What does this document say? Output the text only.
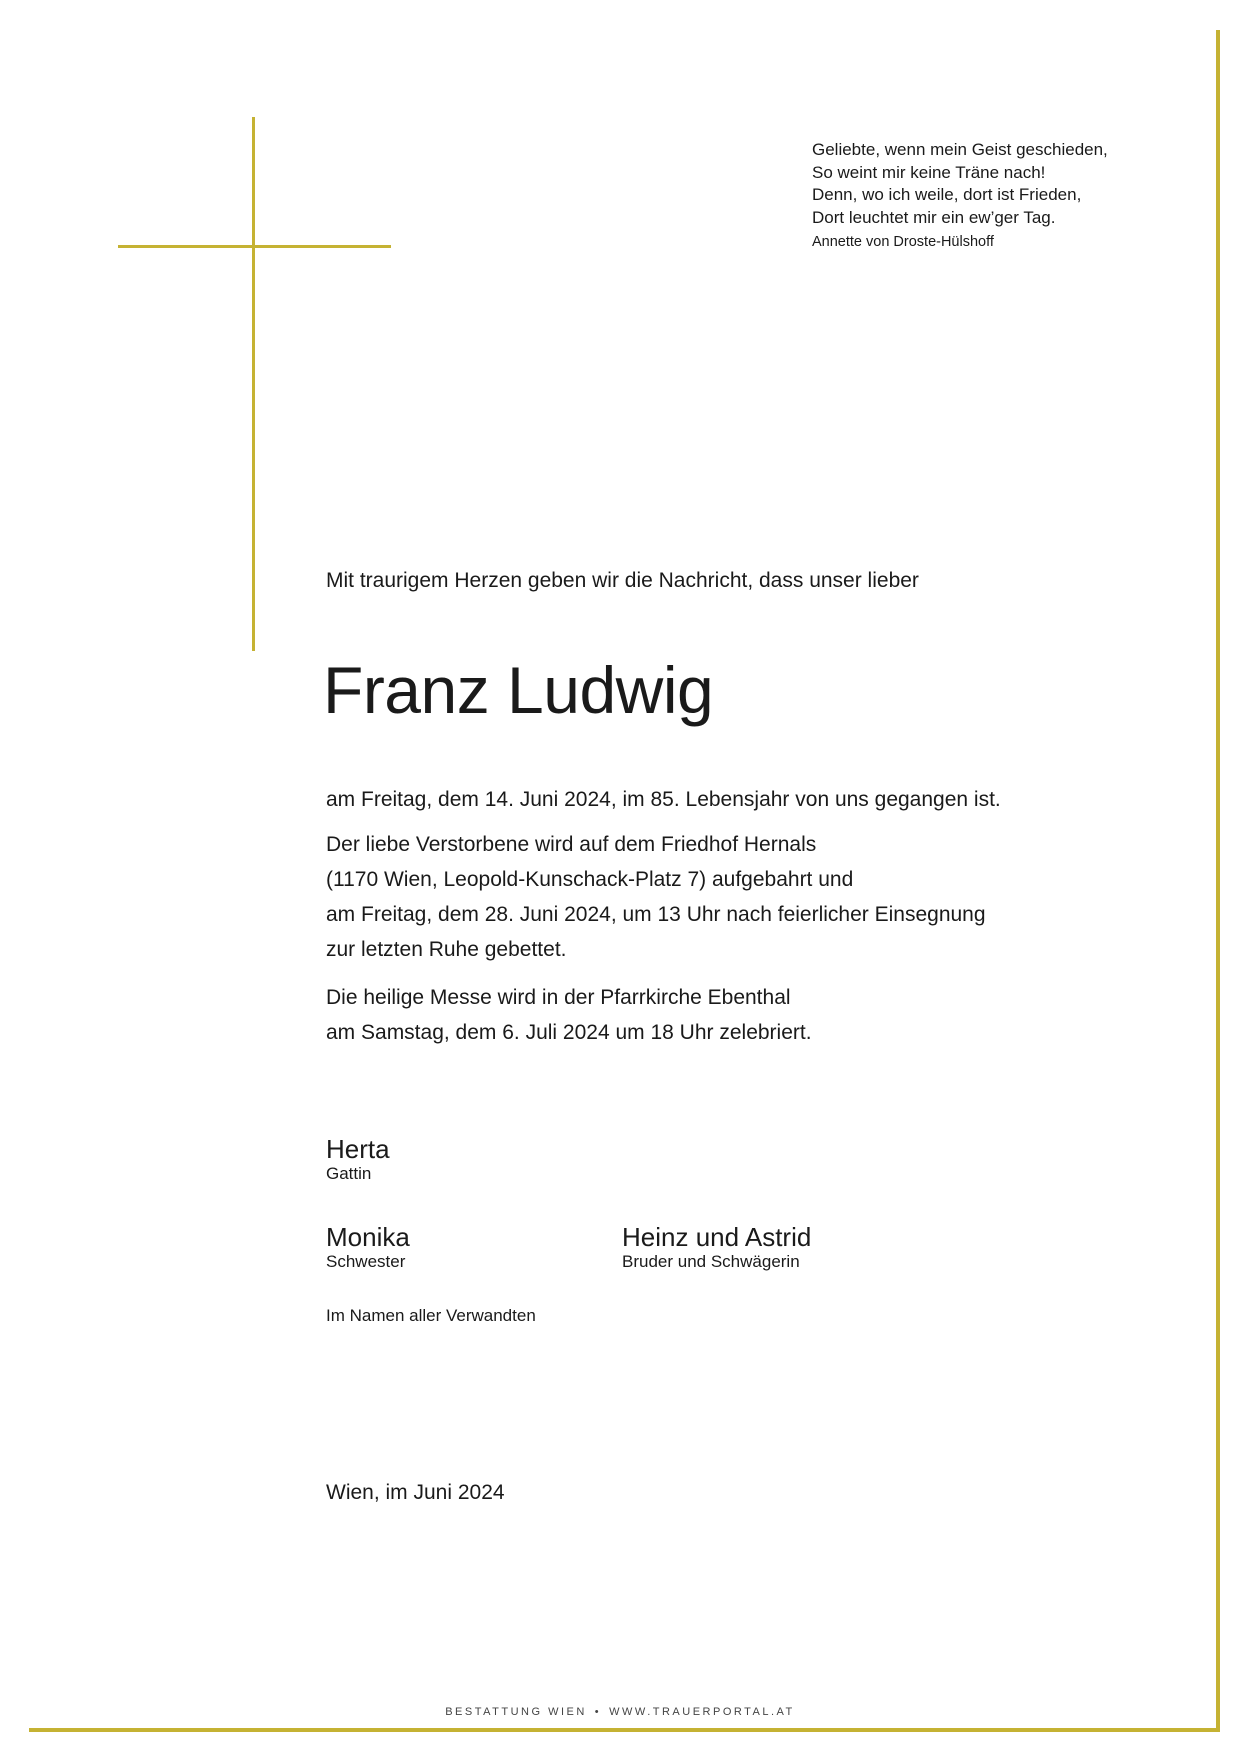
Geliebte, wenn mein Geist geschieden,
So weint mir keine Träne nach!
Denn, wo ich weile, dort ist Frieden,
Dort leuchtet mir ein ew’ger Tag.
Annette von Droste-Hülshoff

Mit traurigem Herzen geben wir die Nachricht, dass unser lieber

Franz Ludwig
am Freitag, dem 14. Juni 2024, im 85. Lebensjahr von uns gegangen ist.
Der liebe Verstorbene wird auf dem Friedhof Hernals
(1170 Wien, Leopold-Kunschack-Platz 7) aufgebahrt und
am Freitag, dem 28. Juni 2024, um 13 Uhr nach feierlicher Einsegnung
zur letzten Ruhe gebettet.
Die heilige Messe wird in der Pfarrkirche Ebenthal
am Samstag, dem 6. Juli 2024 um 18 Uhr zelebriert.
Herta
Gattin
Monika
Schwester
Heinz und Astrid
Bruder und Schwägerin

Im Namen aller Verwandten

Wien, im Juni 2024

BESTATTUNG WIEN • WWW.TRAUERPORTAL.AT
